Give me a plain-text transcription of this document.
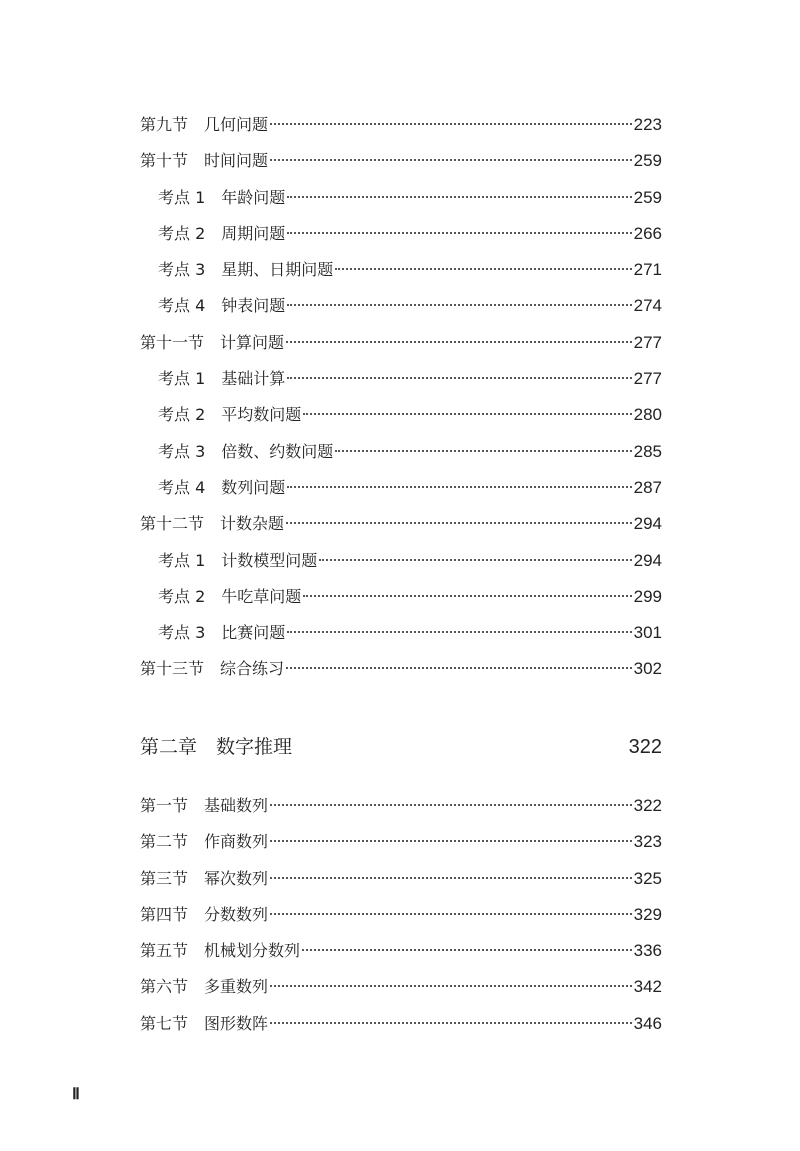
第九节　几何问题	223
第十节　时间问题	259
考点 1　年龄问题	259
考点 2　周期问题	266
考点 3　星期、日期问题	271
考点 4　钟表问题	274
第十一节　计算问题	277
考点 1　基础计算	277
考点 2　平均数问题	280
考点 3　倍数、约数问题	285
考点 4　数列问题	287
第十二节　计数杂题	294
考点 1　计数模型问题	294
考点 2　牛吃草问题	299
考点 3　比赛问题	301
第十三节　综合练习	302
第二章　数字推理	322
第一节　基础数列	322
第二节　作商数列	323
第三节　幂次数列	325
第四节　分数数列	329
第五节　机械划分数列	336
第六节　多重数列	342
第七节　图形数阵	346
Ⅱ
